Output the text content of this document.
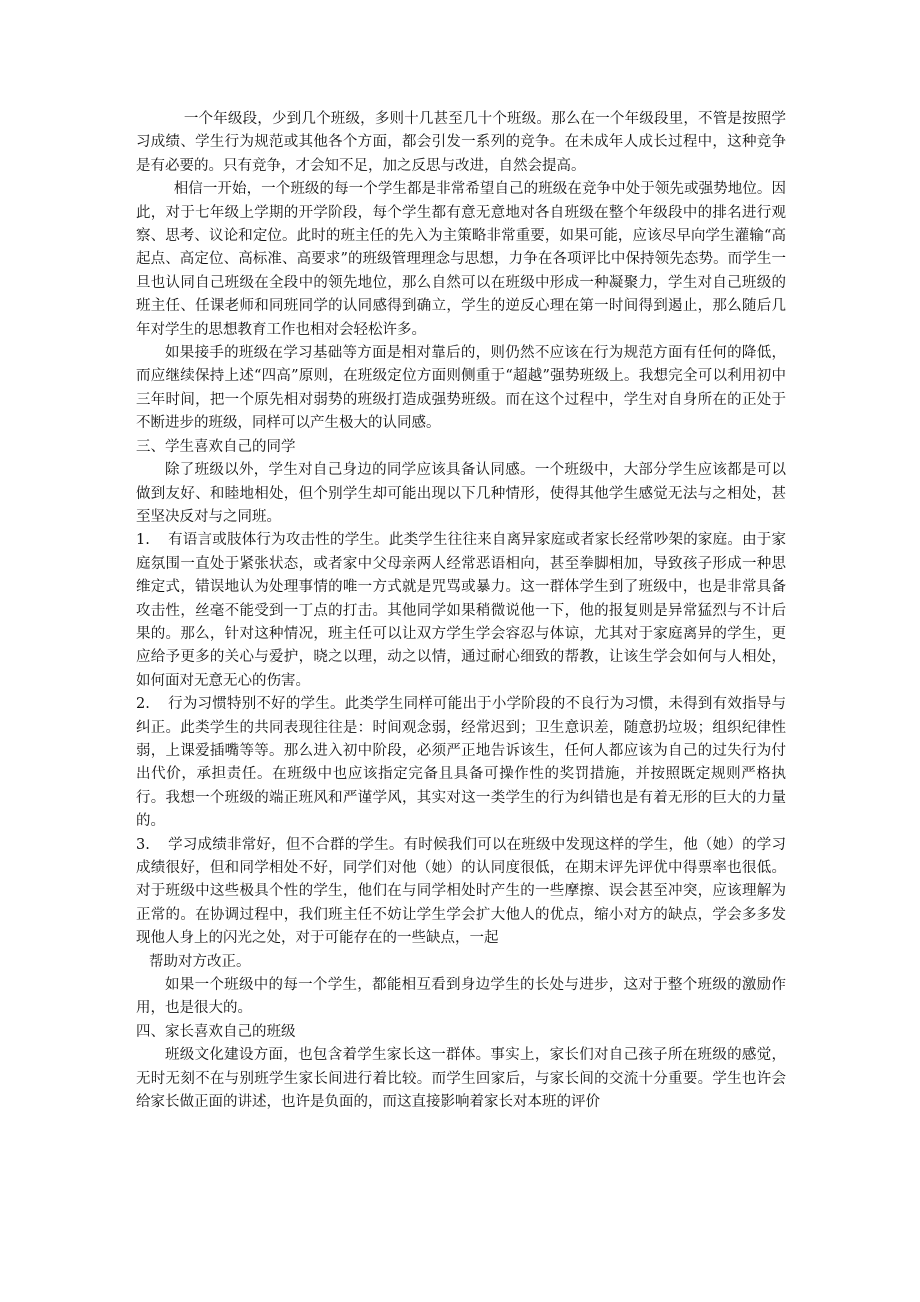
一个年级段，少到几个班级，多则十几甚至几十个班级。那么在一个年级段里，不管是按照学习成绩、学生行为规范或其他各个方面，都会引发一系列的竞争。在未成年人成长过程中，这种竞争是有必要的。只有竞争，才会知不足，加之反思与改进，自然会提高。

相信一开始，一个班级的每一个学生都是非常希望自己的班级在竞争中处于领先或强势地位。因此，对于七年级上学期的开学阶段，每个学生都有意无意地对各自班级在整个年级段中的排名进行观察、思考、议论和定位。此时的班主任的先入为主策略非常重要，如果可能，应该尽早向学生灌输“高起点、高定位、高标准、高要求”的班级管理理念与思想，力争在各项评比中保持领先态势。而学生一旦也认同自己班级在全段中的领先地位，那么自然可以在班级中形成一种凝聚力，学生对自己班级的班主任、任课老师和同班同学的认同感得到确立，学生的逆反心理在第一时间得到遏止，那么随后几年对学生的思想教育工作也相对会轻松许多。

如果接手的班级在学习基础等方面是相对靠后的，则仍然不应该在行为规范方面有任何的降低，而应继续保持上述“四高”原则，在班级定位方面则侧重于“超越”强势班级上。我想完全可以利用初中三年时间，把一个原先相对弱势的班级打造成强势班级。而在这个过程中，学生对自身所在的正处于不断进步的班级，同样可以产生极大的认同感。

三、学生喜欢自己的同学

除了班级以外，学生对自己身边的同学应该具备认同感。一个班级中，大部分学生应该都是可以做到友好、和睦地相处，但个别学生却可能出现以下几种情形，使得其他学生感觉无法与之相处，甚至坚决反对与之同班。

1. 有语言或肢体行为攻击性的学生。此类学生往往来自离异家庭或者家长经常吵架的家庭。由于家庭氛围一直处于紧张状态，或者家中父母亲两人经常恶语相向，甚至拳脚相加，导致孩子形成一种思维定式，错误地认为处理事情的唯一方式就是咒骂或暴力。这一群体学生到了班级中，也是非常具备攻击性，丝毫不能受到一丁点的打击。其他同学如果稍微说他一下，他的报复则是异常猛烈与不计后果的。那么，针对这种情况，班主任可以让双方学生学会容忍与体谅，尤其对于家庭离异的学生，更应给予更多的关心与爱护，晓之以理，动之以情，通过耐心细致的帮教，让该生学会如何与人相处，如何面对无意无心的伤害。

2. 行为习惯特别不好的学生。此类学生同样可能出于小学阶段的不良行为习惯，未得到有效指导与纠正。此类学生的共同表现往往是：时间观念弱，经常迟到；卫生意识差，随意扔垃圾；组织纪律性弱，上课爱插嘴等等。那么进入初中阶段，必须严正地告诉该生，任何人都应该为自己的过失行为付出代价，承担责任。在班级中也应该指定完备且具备可操作性的奖罚措施，并按照既定规则严格执行。我想一个班级的端正班风和严谨学风，其实对这一类学生的行为纠错也是有着无形的巨大的力量的。

3. 学习成绩非常好，但不合群的学生。有时候我们可以在班级中发现这样的学生，他（她）的学习成绩很好，但和同学相处不好，同学们对他（她）的认同度很低，在期末评先评优中得票率也很低。对于班级中这些极具个性的学生，他们在与同学相处时产生的一些摩擦、误会甚至冲突，应该理解为正常的。在协调过程中，我们班主任不妨让学生学会扩大他人的优点，缩小对方的缺点，学会多多发现他人身上的闪光之处，对于可能存在的一些缺点，一起

帮助对方改正。

如果一个班级中的每一个学生，都能相互看到身边学生的长处与进步，这对于整个班级的激励作用，也是很大的。

四、家长喜欢自己的班级

班级文化建设方面，也包含着学生家长这一群体。事实上，家长们对自己孩子所在班级的感觉，无时无刻不在与别班学生家长间进行着比较。而学生回家后，与家长间的交流十分重要。学生也许会给家长做正面的讲述，也许是负面的，而这直接影响着家长对本班的评价
